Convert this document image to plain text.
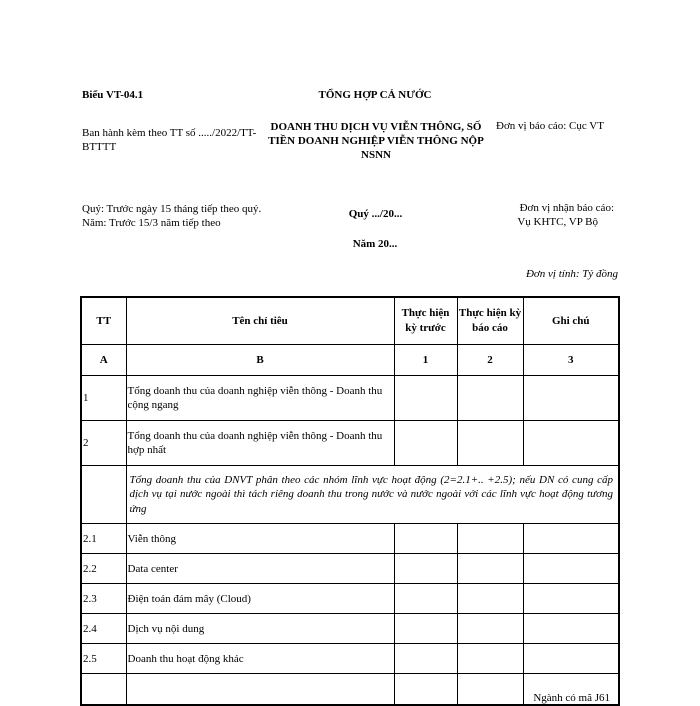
Biểu VT-04.1	TỔNG HỢP CẢ NƯỚC
Ban hành kèm theo TT số ...../2022/TT-BTTTT
DOANH THU DỊCH VỤ VIỄN THÔNG, SỐ TIỀN DOANH NGHIỆP VIỄN THÔNG NỘP NSNN
Đơn vị báo cáo: Cục VT
Quý: Trước ngày 15 tháng tiếp theo quý. Năm: Trước 15/3 năm tiếp theo
Quý .../20...	Đơn vị nhận báo cáo:
Vụ KHTC, VP Bộ
Năm 20...
Đơn vị tính: Tỷ đồng
TT	Tên chỉ tiêu	Thực hiện kỳ trước	Thực hiện kỳ báo cáo	Ghi chú
A	B	1	2	3
1	Tổng doanh thu của doanh nghiệp viễn thông - Doanh thu cộng ngang			
2	Tổng doanh thu của doanh nghiệp viễn thông - Doanh thu hợp nhất			
	Tổng doanh thu của DNVT phân theo các nhóm lĩnh vực hoạt động (2=2.1+.. +2.5); nếu DN có cung cấp dịch vụ tại nước ngoài thì tách riêng doanh thu trong nước và nước ngoài với các lĩnh vực hoạt động tương ứng			
2.1	Viễn thông			
2.2	Data center			
2.3	Điện toán đám mây (Cloud)			
2.4	Dịch vụ nội dung			
2.5	Doanh thu hoạt động khác			
				Ngành có mã J61
